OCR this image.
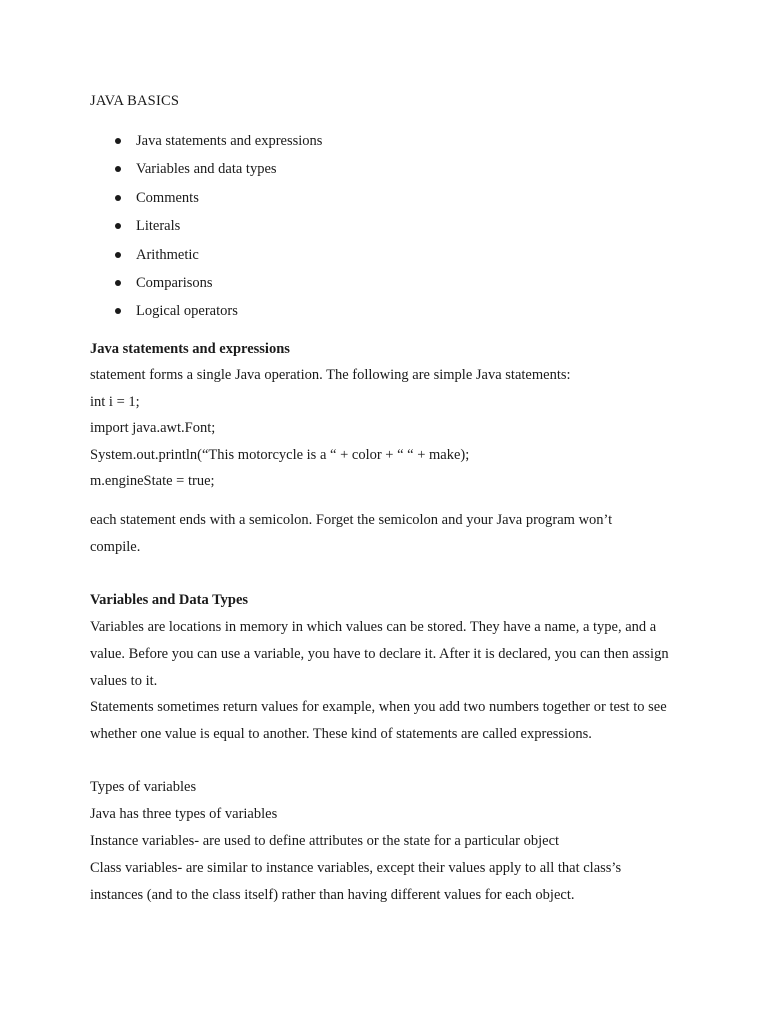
JAVA BASICS
Java statements and expressions
Variables and data types
Comments
Literals
Arithmetic
Comparisons
Logical operators
Java statements and expressions
statement forms a single Java operation. The following are simple Java statements:
int i = 1;
import java.awt.Font;
System.out.println(“This motorcycle is a “ + color + “ “ + make);
m.engineState = true;
each statement ends with a semicolon. Forget the semicolon and your Java program won’t compile.
Variables and Data Types
Variables are locations in memory in which values can be stored. They have a name, a type, and a value. Before you can use a variable, you have to declare it. After it is declared, you can then assign values to it.
Statements sometimes return values for example, when you add two numbers together or test to see whether one value is equal to another. These kind of statements are called expressions.
Types of variables
Java has three types of variables
Instance variables- are used to define attributes or the state for a particular object
Class variables- are similar to instance variables, except their values apply to all that class’s instances (and to the class itself) rather than having different values for each object.
